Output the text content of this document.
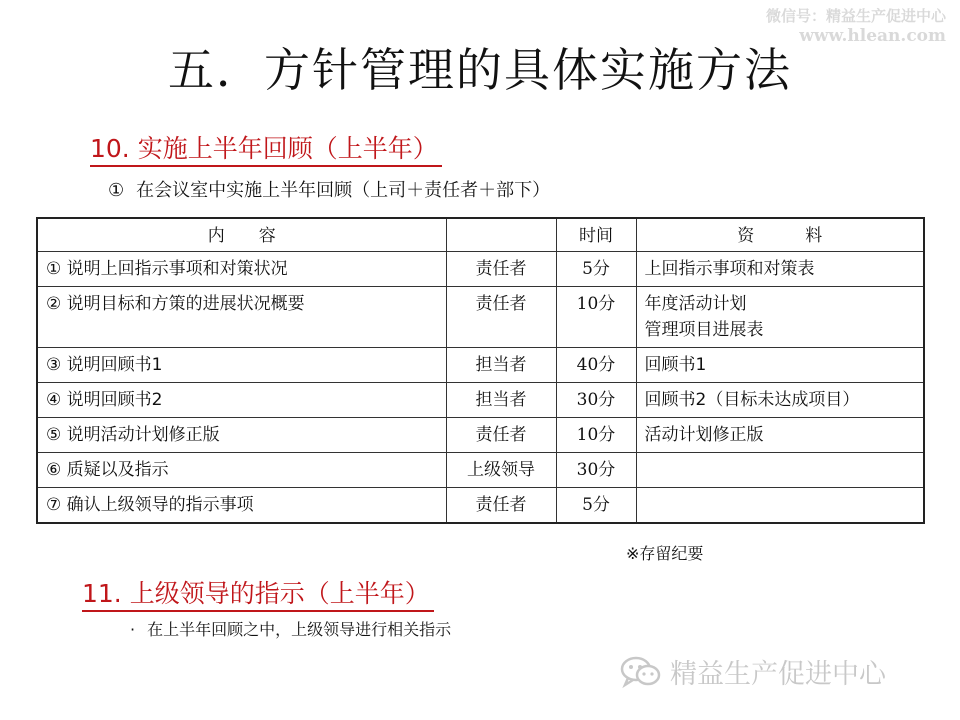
微信号：精益生产促进中心
www.hlean.com
五．方针管理的具体实施方法
10. 实施上半年回顾（上半年）
① 在会议室中实施上半年回顾（上司＋责任者＋部下）
内　　容		时间	资　　　料
① 说明上回指示事项和对策状况	责任者	5分	上回指示事项和对策表

② 说明目标和方策的进展状况概要	责任者	10分	年度活动计划
管理项目进展表

③ 说明回顾书1	担当者	40分	回顾书1

④ 说明回顾书2	担当者	30分	回顾书2（目标未达成项目）

⑤ 说明活动计划修正版	责任者	10分	活动计划修正版

⑥ 质疑以及指示	上级领导	30分	

⑦ 确认上级领导的指示事项	责任者	5分	
※存留纪要
11. 上级领导的指示（上半年）
· 在上半年回顾之中，上级领导进行相关指示
精益生产促进中心
